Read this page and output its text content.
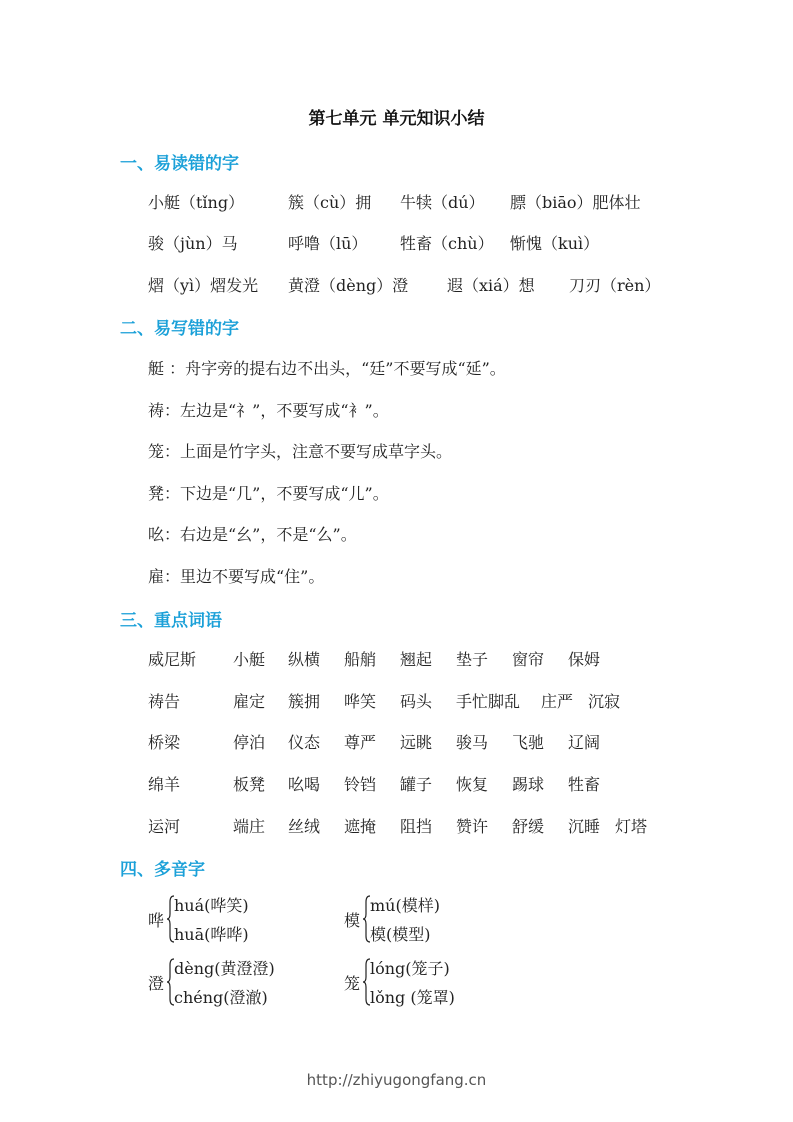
第七单元 单元知识小结
一、易读错的字
小艇（tǐng）	簇（cù）拥 牛犊（dú） 膘（biāo）肥体壮
骏（jùn）马	呼噜（lū） 牲畜（chù） 惭愧（kuì）
熠（yì）熠发光 黄澄（dèng）澄 遐（xiá）想 刀刃（rèn）
二、易写错的字
艇 ：舟字旁的提右边不出头，“廷”不要写成“延”。
祷：左边是“礻”，不要写成“衤”。
笼：上面是竹字头，注意不要写成草字头。
凳：下边是“几”，不要写成“儿”。
吆：右边是“幺”，不是“么”。
雇：里边不要写成“住”。
三、重点词语
威尼斯 小艇 纵横 船艄 翘起 垫子 窗帘 保姆
祷告	雇定 簇拥 哗笑 码头 手忙脚乱 庄严 沉寂
桥梁	停泊 仪态 尊严 远眺 骏马 飞驰 辽阔
绵羊	板凳 吆喝 铃铛 罐子 恢复 踢球 牲畜
运河	端庄 丝绒 遮掩 阻挡 赞许 舒缓 沉睡 灯塔
四、多音字
哗
huá(哗笑)
huā(哗哗)
模
mú(模样)
模(模型)
澄
dèng(黄澄澄)
chéng(澄澈)
笼
lóng(笼子)
lǒng (笼罩)
http://zhiyugongfang.cn
